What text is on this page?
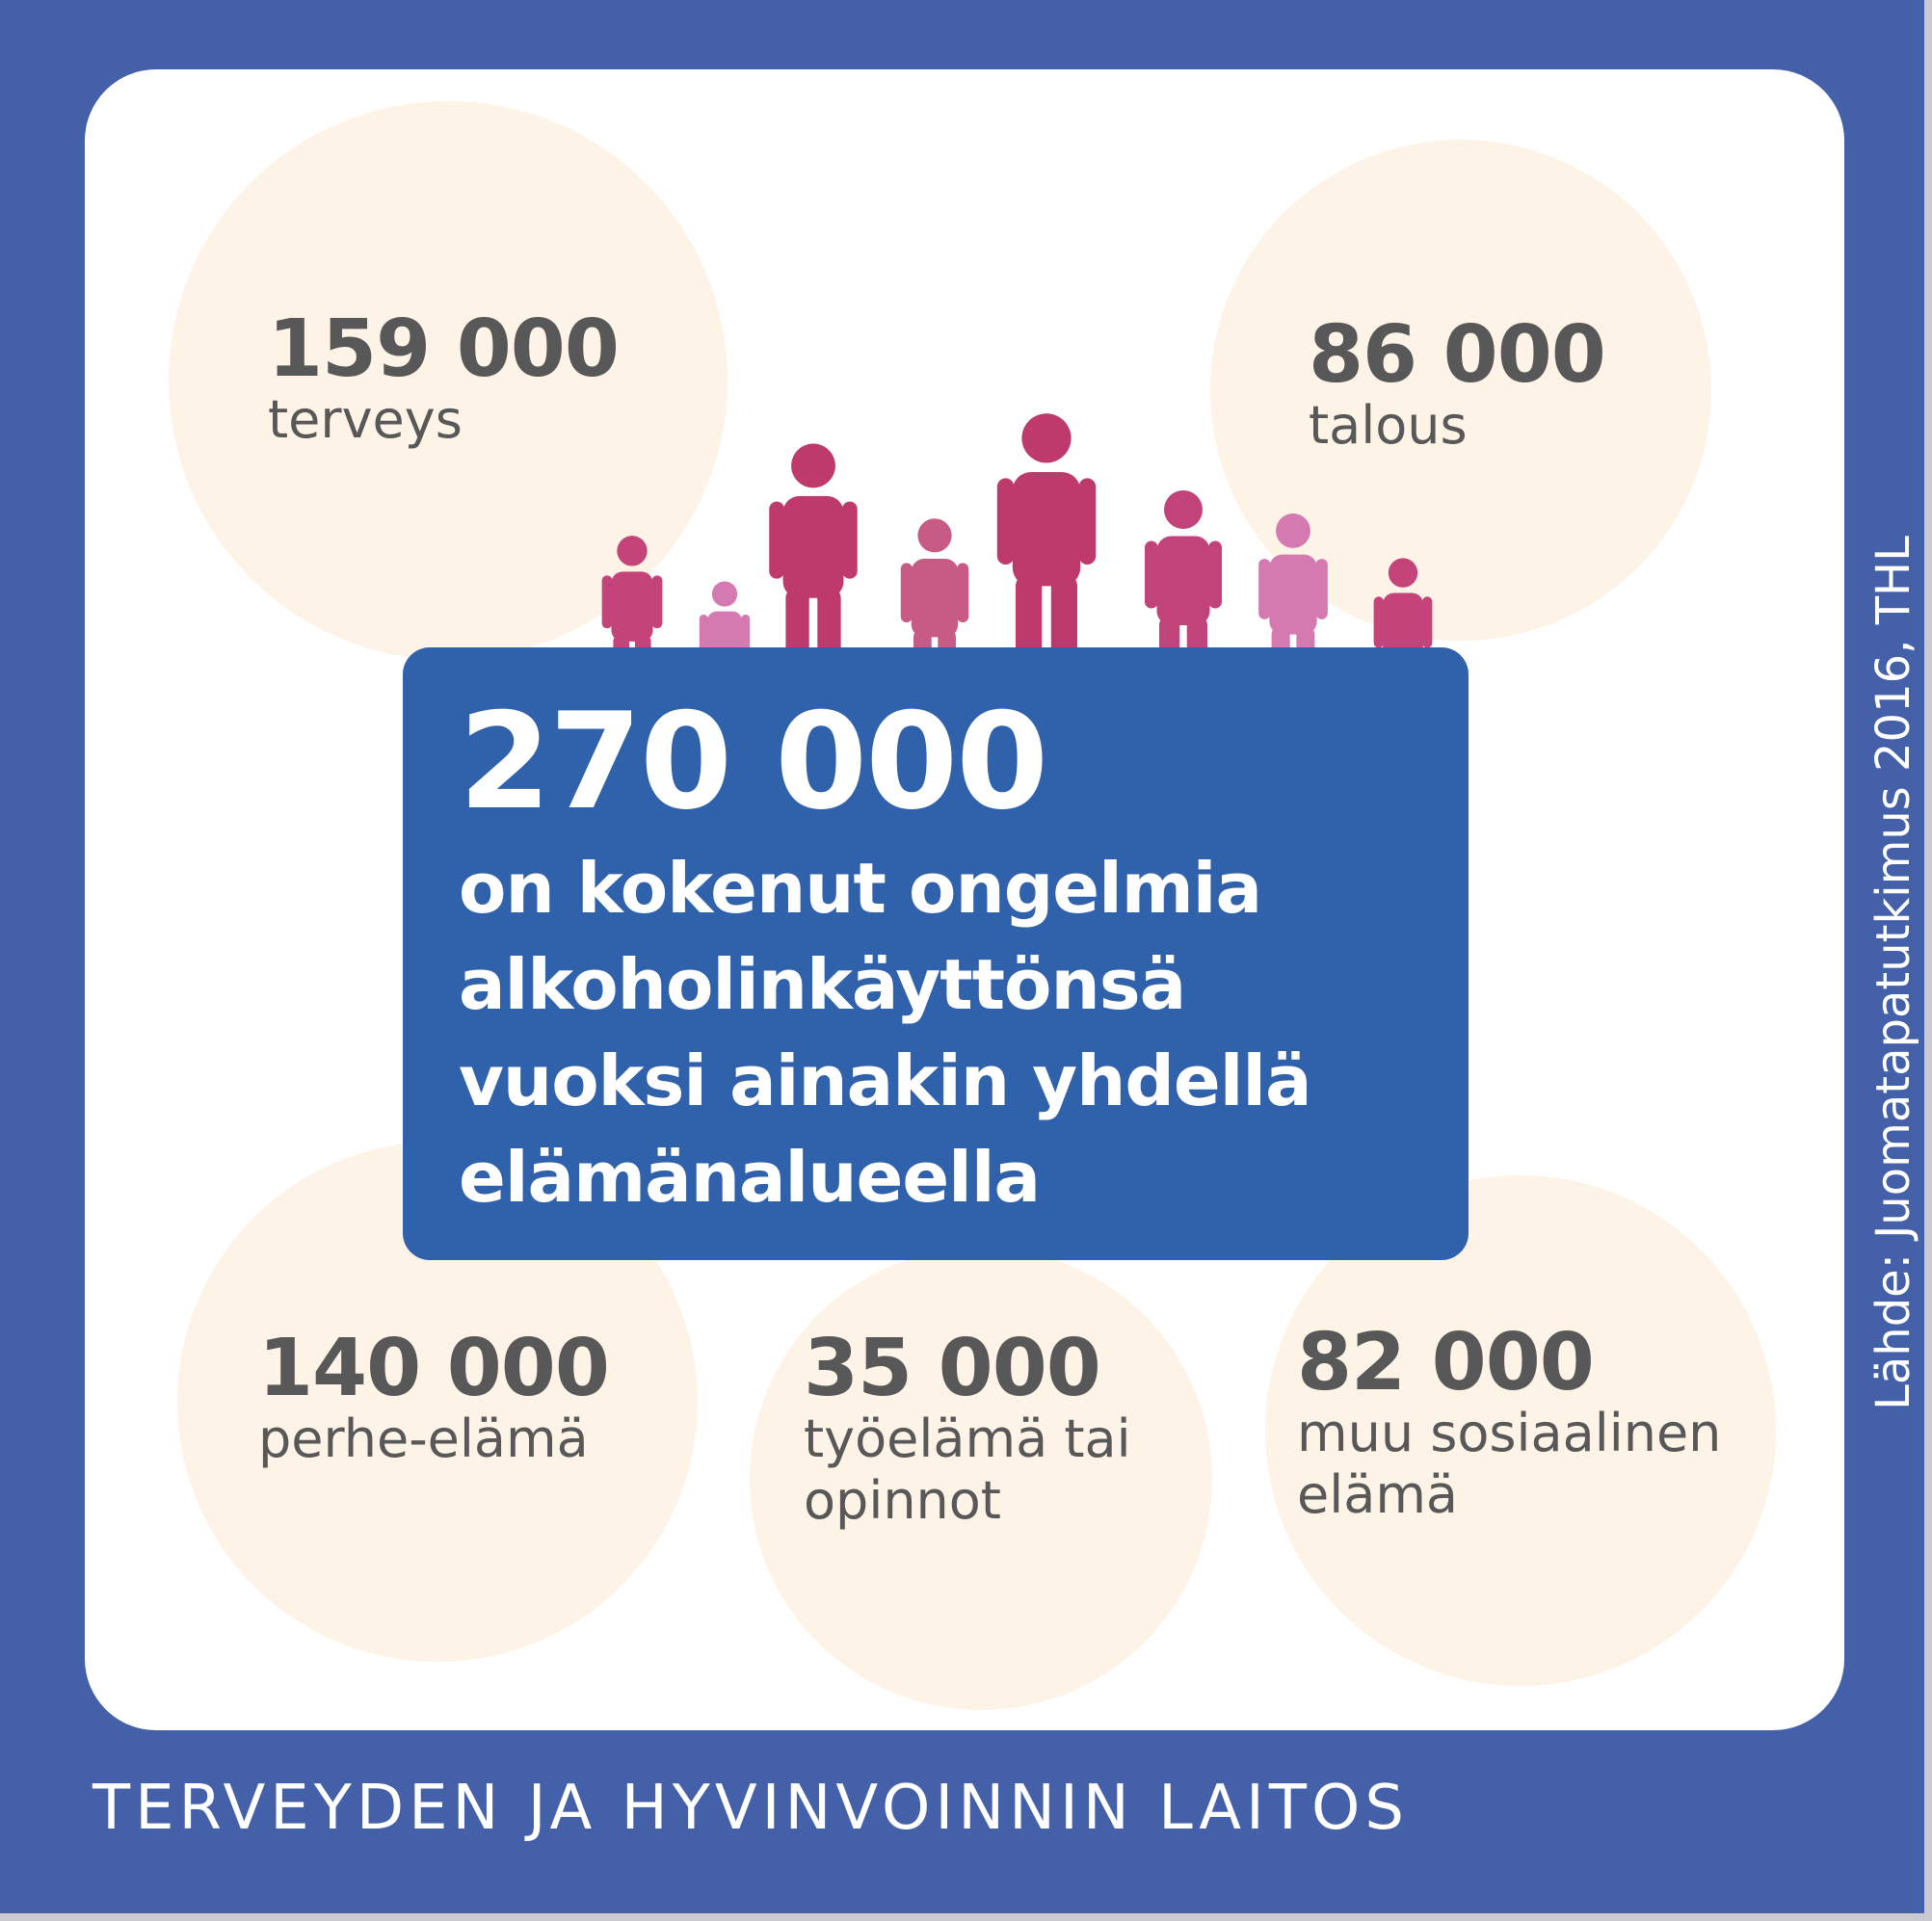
159 000
terveys
86 000
talous
140 000
perhe-elämä
35 000
työelämä tai
opinnot
82 000
muu sosiaalinen
elämä
270 000
on kokenut ongelmia
alkoholinkäyttönsä
vuoksi ainakin yhdellä
elämänalueella	Lähde: Juomatapatutkimus 2016, THL
TERVEYDEN JA HYVINVOINNIN LAITOS
